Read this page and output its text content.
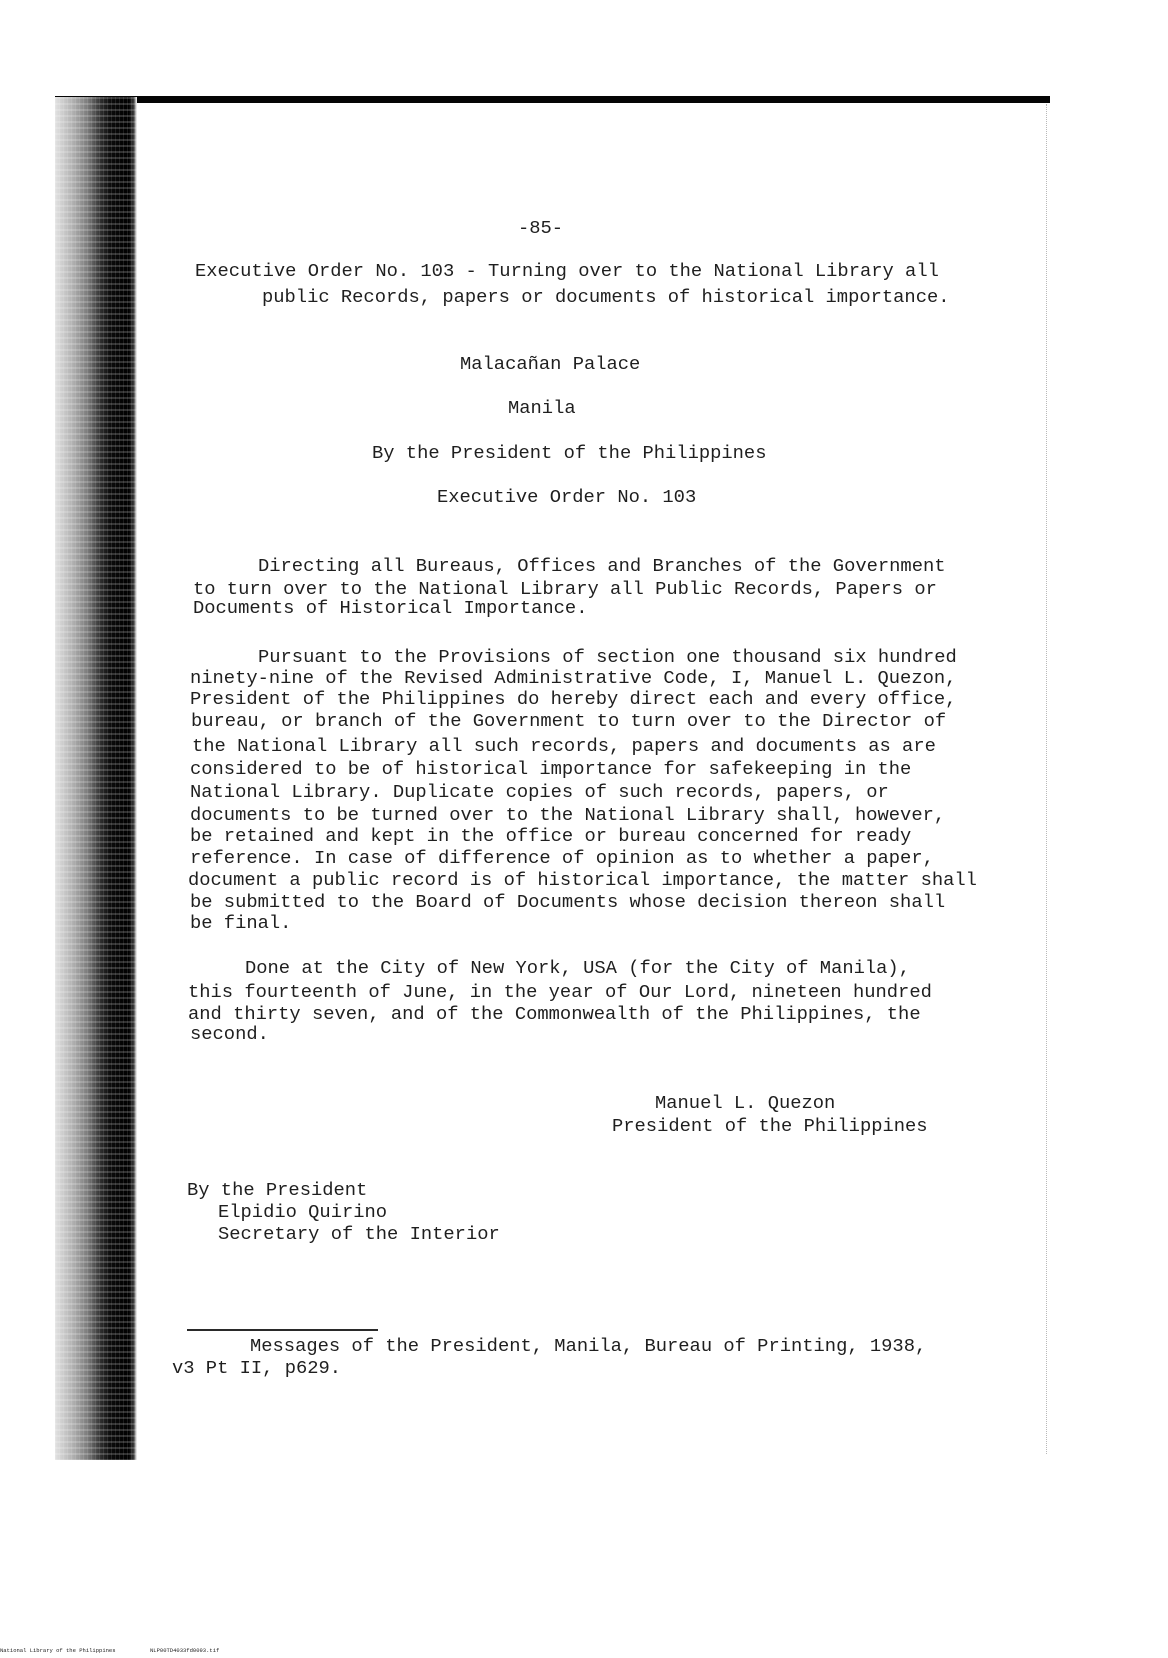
-85-
Executive Order No. 103 - Turning over to the National Library all
public Records, papers or documents of historical importance.
Malacañan Palace
Manila
By the President of the Philippines
Executive Order No. 103
Directing all Bureaus, Offices and Branches of the Government
to turn over to the National Library all Public Records, Papers or
Documents of Historical Importance.
Pursuant to the Provisions of section one thousand six hundred
ninety-nine of the Revised Administrative Code, I, Manuel L. Quezon,
President of the Philippines do hereby direct each and every office,
bureau, or branch of the Government to turn over to the Director of
the National Library all such records, papers and documents as are
considered to be of historical importance for safekeeping in the
National Library. Duplicate copies of such records, papers, or
documents to be turned over to the National Library shall, however,
be retained and kept in the office or bureau concerned for ready
reference. In case of difference of opinion as to whether a paper,
document a public record is of historical importance, the matter shall
be submitted to the Board of Documents whose decision thereon shall
be final.
Done at the City of New York, USA (for the City of Manila),
this fourteenth of June, in the year of Our Lord, nineteen hundred
and thirty seven, and of the Commonwealth of the Philippines, the
second.
Manuel L. Quezon
President of the Philippines
By the President
Elpidio Quirino
Secretary of the Interior
Messages of the President, Manila, Bureau of Printing, 1938,
v3 Pt II, p629.
National Library of the Philippines	NLP00TD4033fd0093.tif
